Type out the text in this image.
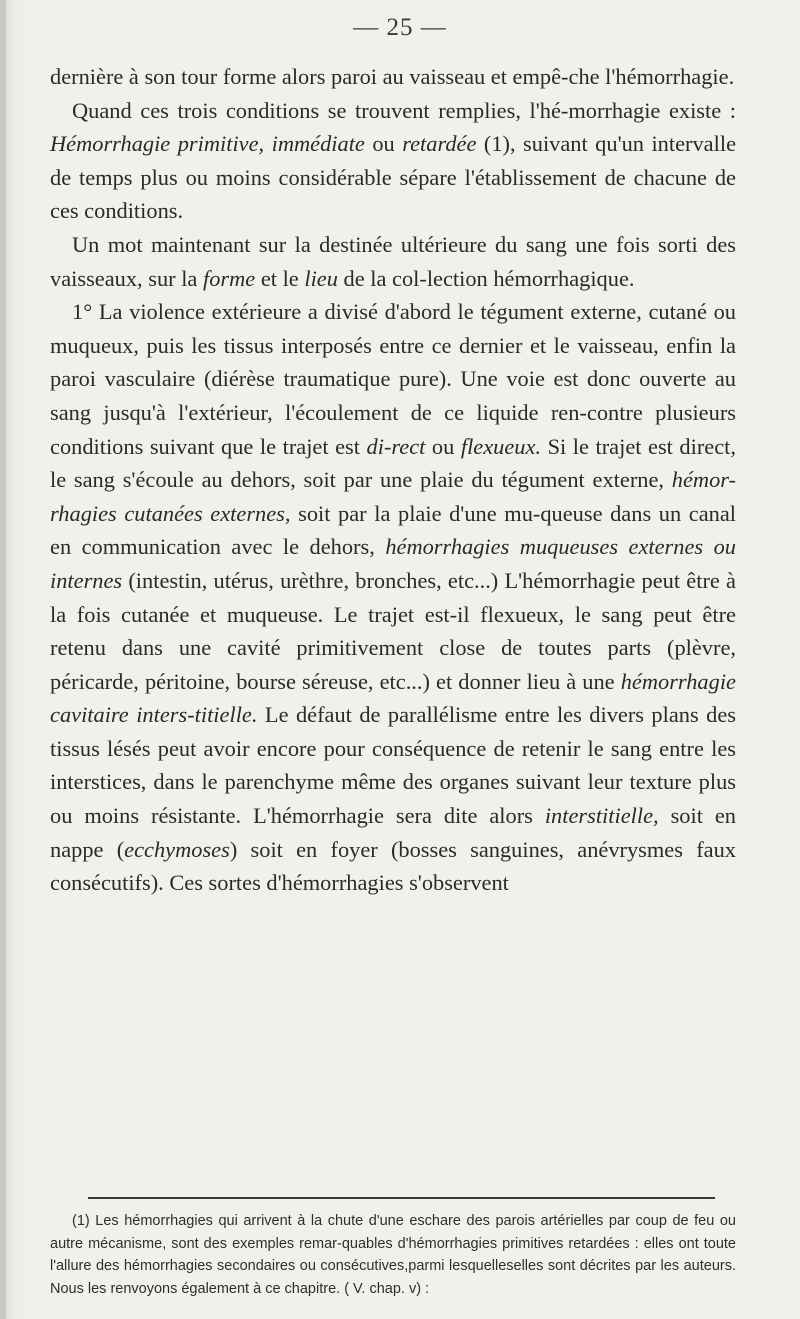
— 25 —

dernière à son tour forme alors paroi au vaisseau et empê-che l'hémorrhagie.

Quand ces trois conditions se trouvent remplies, l'hé-morrhagie existe : Hémorrhagie primitive, immédiate ou retardée (1), suivant qu'un intervalle de temps plus ou moins considérable sépare l'établissement de chacune de ces conditions.

Un mot maintenant sur la destinée ultérieure du sang une fois sorti des vaisseaux, sur la forme et le lieu de la col-lection hémorrhagique.

1° La violence extérieure a divisé d'abord le tégument externe, cutané ou muqueux, puis les tissus interposés entre ce dernier et le vaisseau, enfin la paroi vasculaire (diérèse traumatique pure). Une voie est donc ouverte au sang jusqu'à l'extérieur, l'écoulement de ce liquide ren-contre plusieurs conditions suivant que le trajet est di-rect ou flexueux. Si le trajet est direct, le sang s'écoule au dehors, soit par une plaie du tégument externe, hémor-rhagies cutanées externes, soit par la plaie d'une mu-queuse dans un canal en communication avec le dehors, hémorrhagies muqueuses externes ou internes (intestin, utérus, urèthre, bronches, etc...) L'hémorrhagie peut être à la fois cutanée et muqueuse. Le trajet est-il flexueux, le sang peut être retenu dans une cavité primitivement close de toutes parts (plèvre, péricarde, péritoine, bourse séreuse, etc...) et donner lieu à une hémorrhagie cavitaire inters-titielle. Le défaut de parallélisme entre les divers plans des tissus lésés peut avoir encore pour conséquence de retenir le sang entre les interstices, dans le parenchyme même des organes suivant leur texture plus ou moins résistante. L'hémorrhagie sera dite alors interstitielle, soit en nappe (ecchymoses) soit en foyer (bosses sanguines, anévrysmes faux consécutifs). Ces sortes d'hémorrhagies s'observent

(1) Les hémorrhagies qui arrivent à la chute d'une eschare des parois artérielles par coup de feu ou autre mécanisme, sont des exemples remar-quables d'hémorrhagies primitives retardées : elles ont toute l'allure des hémorrhagies secondaires ou consécutives,parmi lesquelleselles sont décrites par les auteurs. Nous les renvoyons également à ce chapitre. ( V. chap. v) :
